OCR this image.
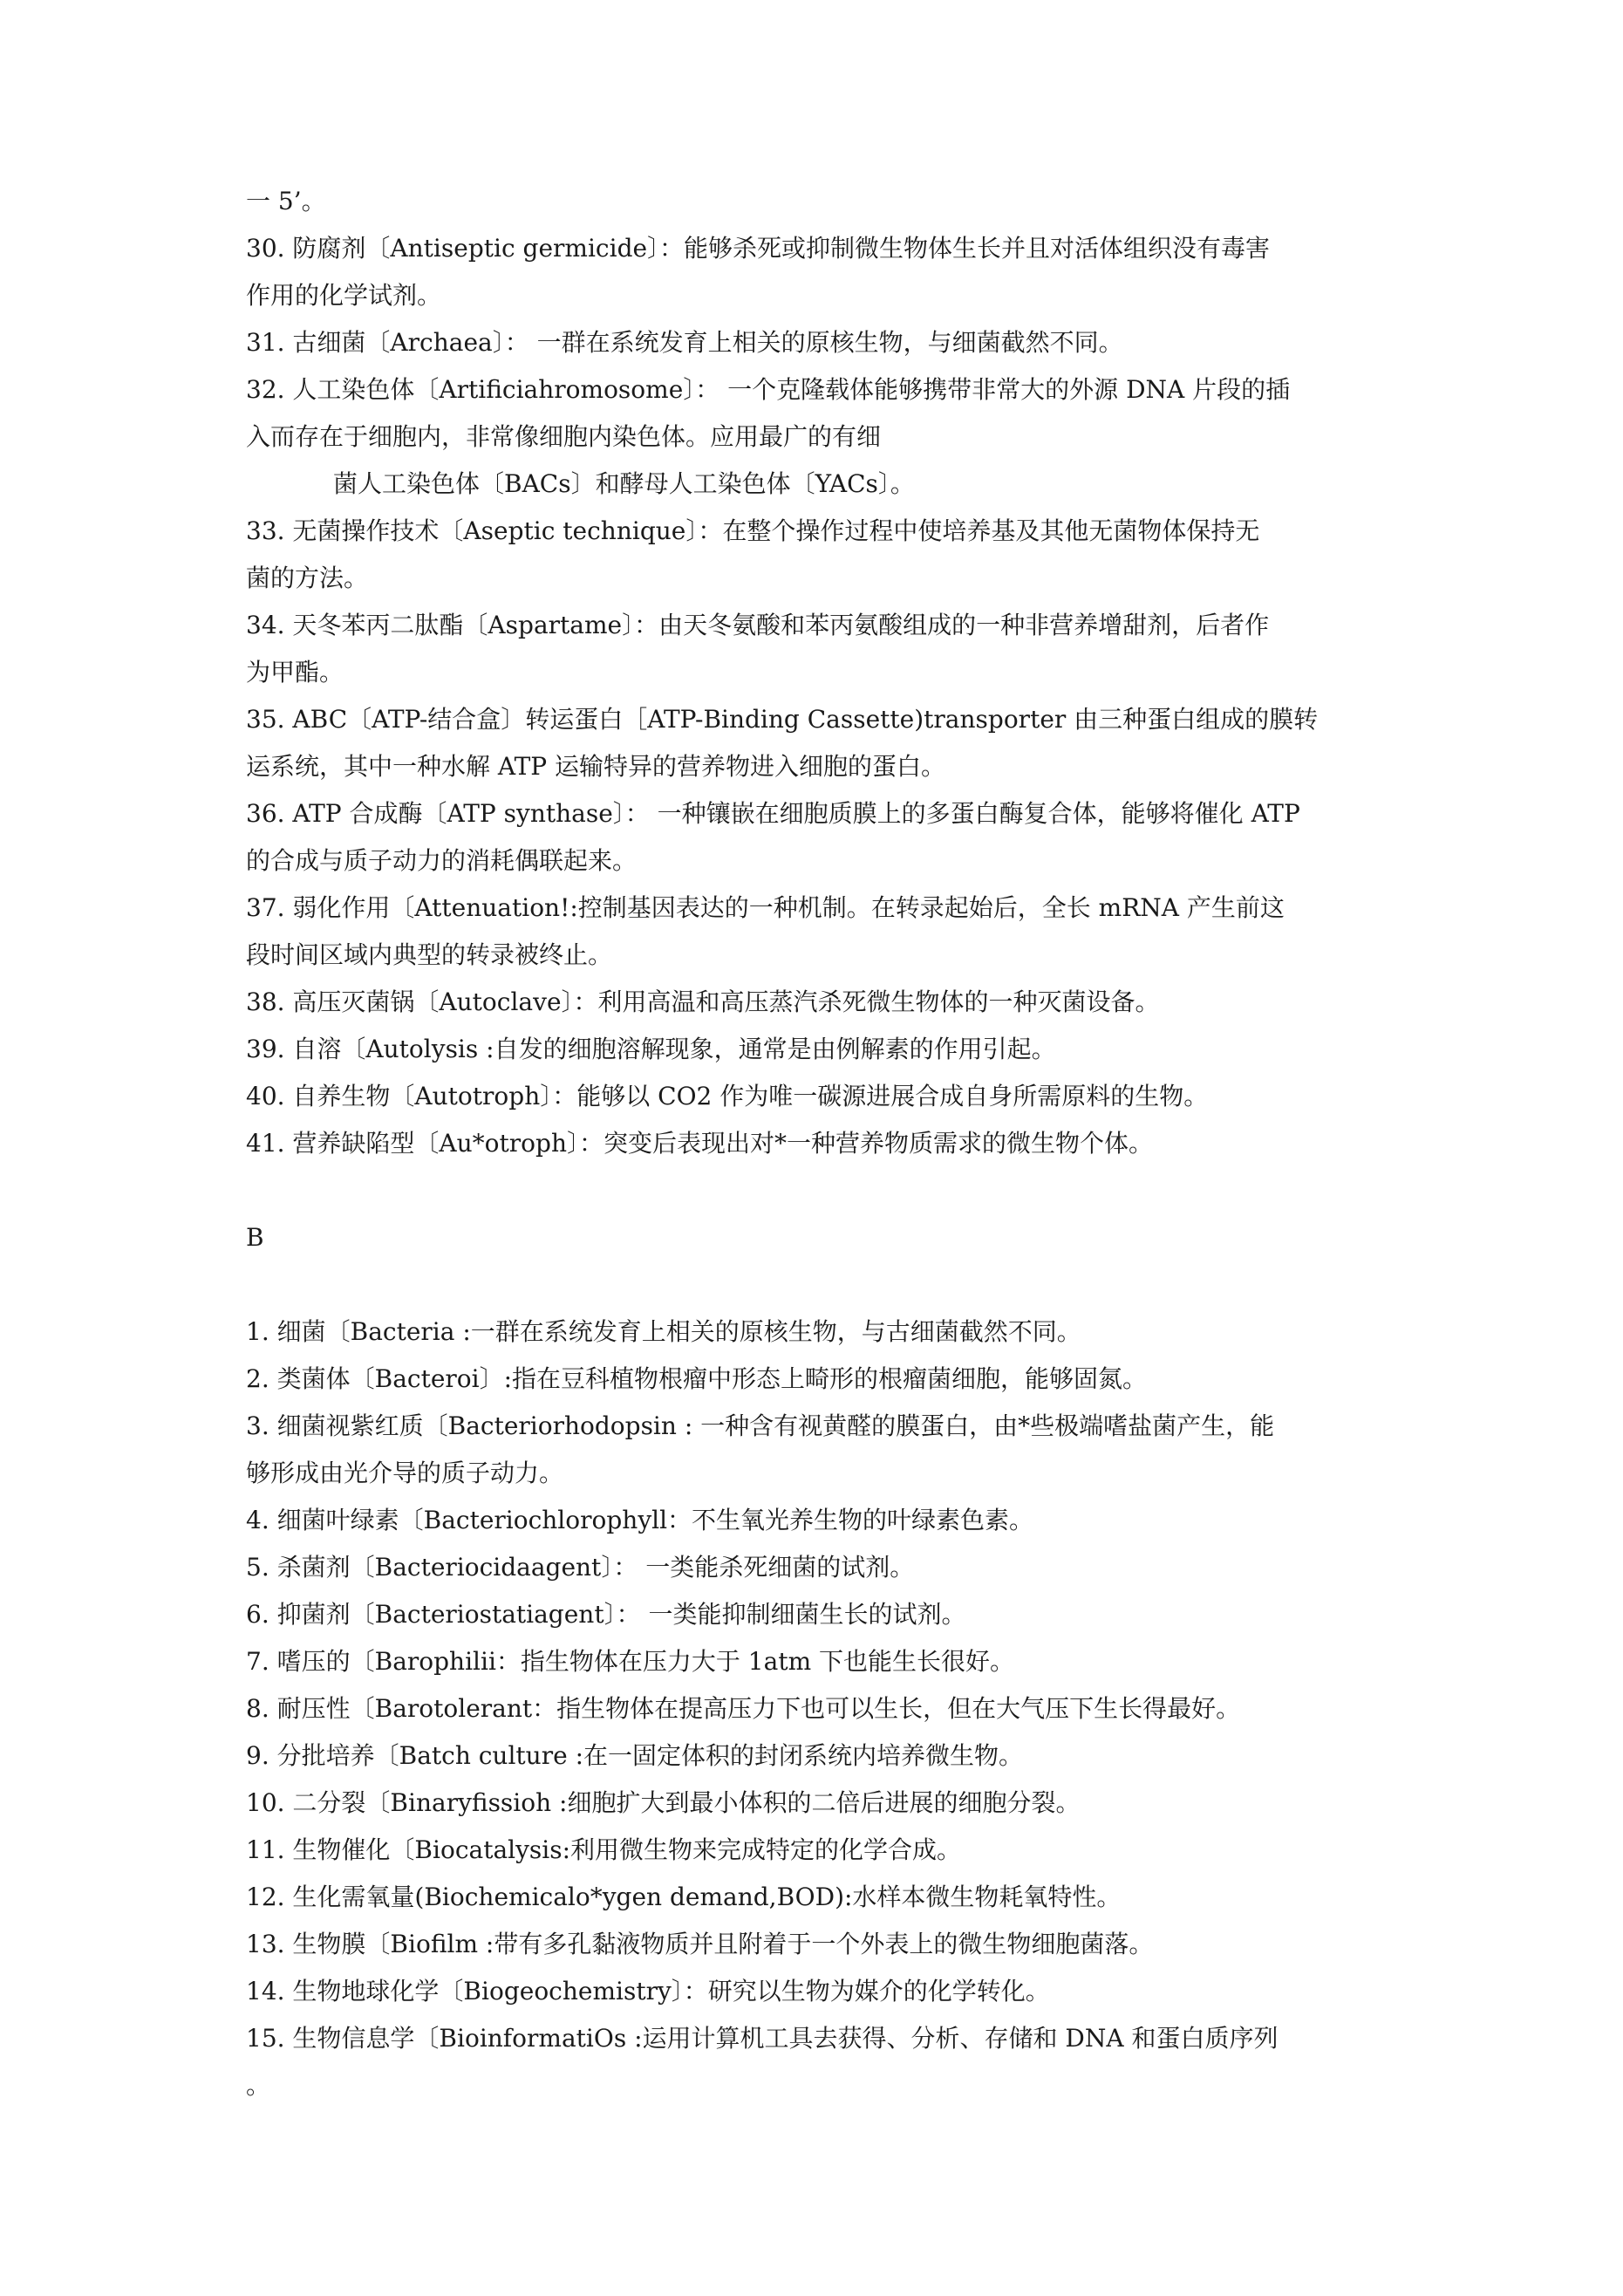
一 5’。
30. 防腐剂〔Antiseptic germicide〕：能够杀死或抑制微生物体生长并且对活体组织没有毒害
作用的化学试剂。
31. 古细菌〔Archaea〕： 一群在系统发育上相关的原核生物，与细菌截然不同。
32. 人工染色体〔Artificiahromosome〕： 一个克隆载体能够携带非常大的外源 DNA 片段的插
入而存在于细胞内，非常像细胞内染色体。应用最广的有细
菌人工染色体〔BACs〕和酵母人工染色体〔YACs〕。
33. 无菌操作技术〔Aseptic technique〕：在整个操作过程中使培养基及其他无菌物体保持无
菌的方法。
34. 天冬苯丙二肽酯〔Aspartame〕：由天冬氨酸和苯丙氨酸组成的一种非营养增甜剂，后者作
为甲酯。
35. ABC〔ATP-结合盒〕转运蛋白［ATP-Binding Cassette)transporter 由三种蛋白组成的膜转
运系统，其中一种水解 ATP 运输特异的营养物进入细胞的蛋白。
36. ATP 合成酶〔ATP synthase〕： 一种镶嵌在细胞质膜上的多蛋白酶复合体，能够将催化 ATP
的合成与质子动力的消耗偶联起来。
37. 弱化作用〔Attenuation!:控制基因表达的一种机制。在转录起始后，全长 mRNA 产生前这
段时间区域内典型的转录被终止。
38. 高压灭菌锅〔Autoclave〕：利用高温和高压蒸汽杀死微生物体的一种灭菌设备。
39. 自溶〔Autolysis :自发的细胞溶解现象，通常是由例解素的作用引起。
40. 自养生物〔Autotroph〕：能够以 CO2 作为唯一碳源进展合成自身所需原料的生物。
41. 营养缺陷型〔Au*otroph〕：突变后表现出对*一种营养物质需求的微生物个体。
B
1. 细菌〔Bacteria :一群在系统发育上相关的原核生物，与古细菌截然不同。
2. 类菌体〔Bacteroi〕:指在豆科植物根瘤中形态上畸形的根瘤菌细胞，能够固氮。
3. 细菌视紫红质〔Bacteriorhodopsin : 一种含有视黄醛的膜蛋白，由*些极端嗜盐菌产生，能
够形成由光介导的质子动力。
4. 细菌叶绿素〔Bacteriochlorophyll：不生氧光养生物的叶绿素色素。
5. 杀菌剂〔Bacteriocidaagent〕： 一类能杀死细菌的试剂。
6. 抑菌剂〔Bacteriostatiagent〕： 一类能抑制细菌生长的试剂。
7. 嗜压的〔Barophilii：指生物体在压力大于 1atm 下也能生长很好。
8. 耐压性〔Barotolerant：指生物体在提高压力下也可以生长，但在大气压下生长得最好。
9. 分批培养〔Batch culture :在一固定体积的封闭系统内培养微生物。
10. 二分裂〔Binaryfissioh :细胞扩大到最小体积的二倍后进展的细胞分裂。
11. 生物催化〔Biocatalysis:利用微生物来完成特定的化学合成。
12. 生化需氧量(Biochemicalo*ygen demand,BOD):水样本微生物耗氧特性。
13. 生物膜〔Biofilm :带有多孔黏液物质并且附着于一个外表上的微生物细胞菌落。
14. 生物地球化学〔Biogeochemistry〕：研究以生物为媒介的化学转化。
15. 生物信息学〔BioinformatiOs :运用计算机工具去获得、分析、存储和 DNA 和蛋白质序列
。
